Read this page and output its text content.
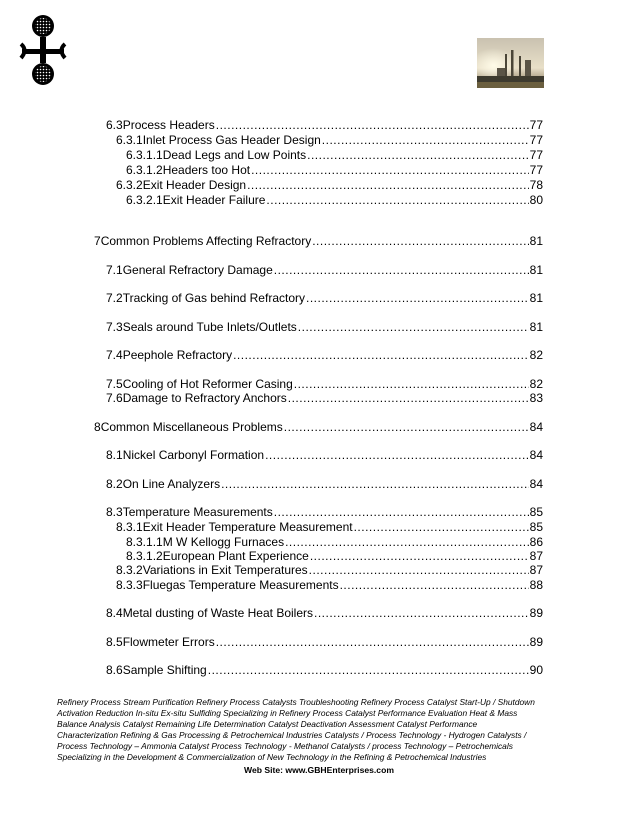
6.3 Process Headers .....	77
6.3.1 Inlet Process Gas Header Design .....	77
6.3.1.1 Dead Legs and Low Points .....	77
6.3.1.2 Headers too Hot .....	77
6.3.2 Exit Header Design .....	78
6.3.2.1 Exit Header Failure .....	80
7 Common Problems Affecting Refractory .....	81
7.1 General Refractory Damage .....	81
7.2 Tracking of Gas behind Refractory .....	81
7.3 Seals around Tube Inlets/Outlets .....	81
7.4 Peephole Refractory .....	82
7.5 Cooling of Hot Reformer Casing .....	82
7.6 Damage to Refractory Anchors .....	83
8 Common Miscellaneous Problems .....	84
8.1 Nickel Carbonyl Formation .....	84
8.2 On Line Analyzers .....	84
8.3 Temperature Measurements .....	85
8.3.1 Exit Header Temperature Measurement .....	85
8.3.1.1 M W Kellogg Furnaces .....	86
8.3.1.2 European Plant Experience .....	87
8.3.2 Variations in Exit Temperatures .....	87
8.3.3 Fluegas Temperature Measurements .....	88
8.4 Metal dusting of Waste Heat Boilers .....	89
8.5 Flowmeter Errors .....	89
8.6 Sample Shifting .....	90

Refinery Process Stream Purification Refinery Process Catalysts Troubleshooting Refinery Process Catalyst Start-Up / Shutdown

Activation Reduction In-situ Ex-situ Sulfiding Specializing in Refinery Process Catalyst Performance Evaluation Heat & Mass

Balance Analysis Catalyst Remaining Life Determination Catalyst Deactivation Assessment Catalyst Performance

Characterization Refining & Gas Processing & Petrochemical Industries Catalysts / Process Technology - Hydrogen Catalysts /

Process Technology – Ammonia Catalyst Process Technology - Methanol Catalysts / process Technology – Petrochemicals

Specializing in the Development & Commercialization of New Technology in the Refining & Petrochemical Industries

Web Site: www.GBHEnterprises.com
